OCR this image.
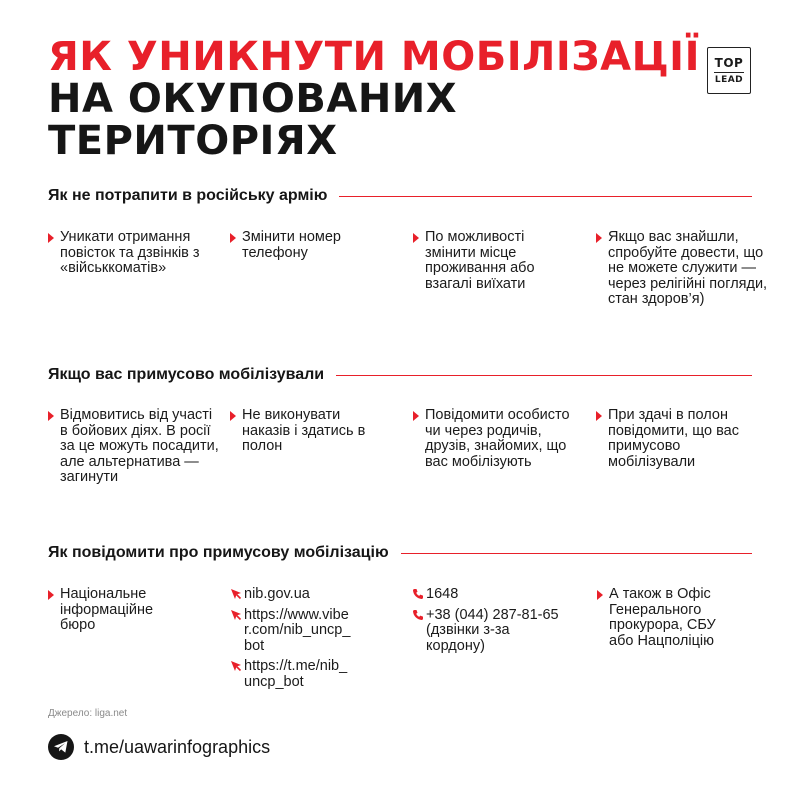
ЯК УНИКНУТИ МОБІЛІЗАЦІЇ
НА ОКУПОВАНИХ
ТЕРИТОРІЯХ
TOP
LEAD
Як не потрапити в російську армію
Уникати отримання повісток та дзвінків з «військкоматів»
Змінити номер телефону
По можливості змінити місце проживання або взагалі виїхати
Якщо вас знайшли, спробуйте довести, що не можете служити — через релігійні погляди, стан здоров’я)
Якщо вас примусово мобілізували
Відмовитись від участі в бойових діях. В росії за це можуть посадити, але альтернатива — загинути
Не виконувати наказів і здатись в полон
Повідомити особисто чи через родичів, друзів, знайомих, що вас мобілізують
При здачі в полон повідомити, що вас примусово мобілізували
Як повідомити про примусову мобілізацію
Національне інформаційне бюро
nib.gov.ua
https://www.viber.com/nib_uncp_bot
https://t.me/nib_uncp_bot
1648
+38 (044) 287-81-65 (дзвінки з-за кордону)
А також в Офіс Генерального прокурора, СБУ або Нацполіцію
Джерело: liga.net
t.me/uawarinfographics
